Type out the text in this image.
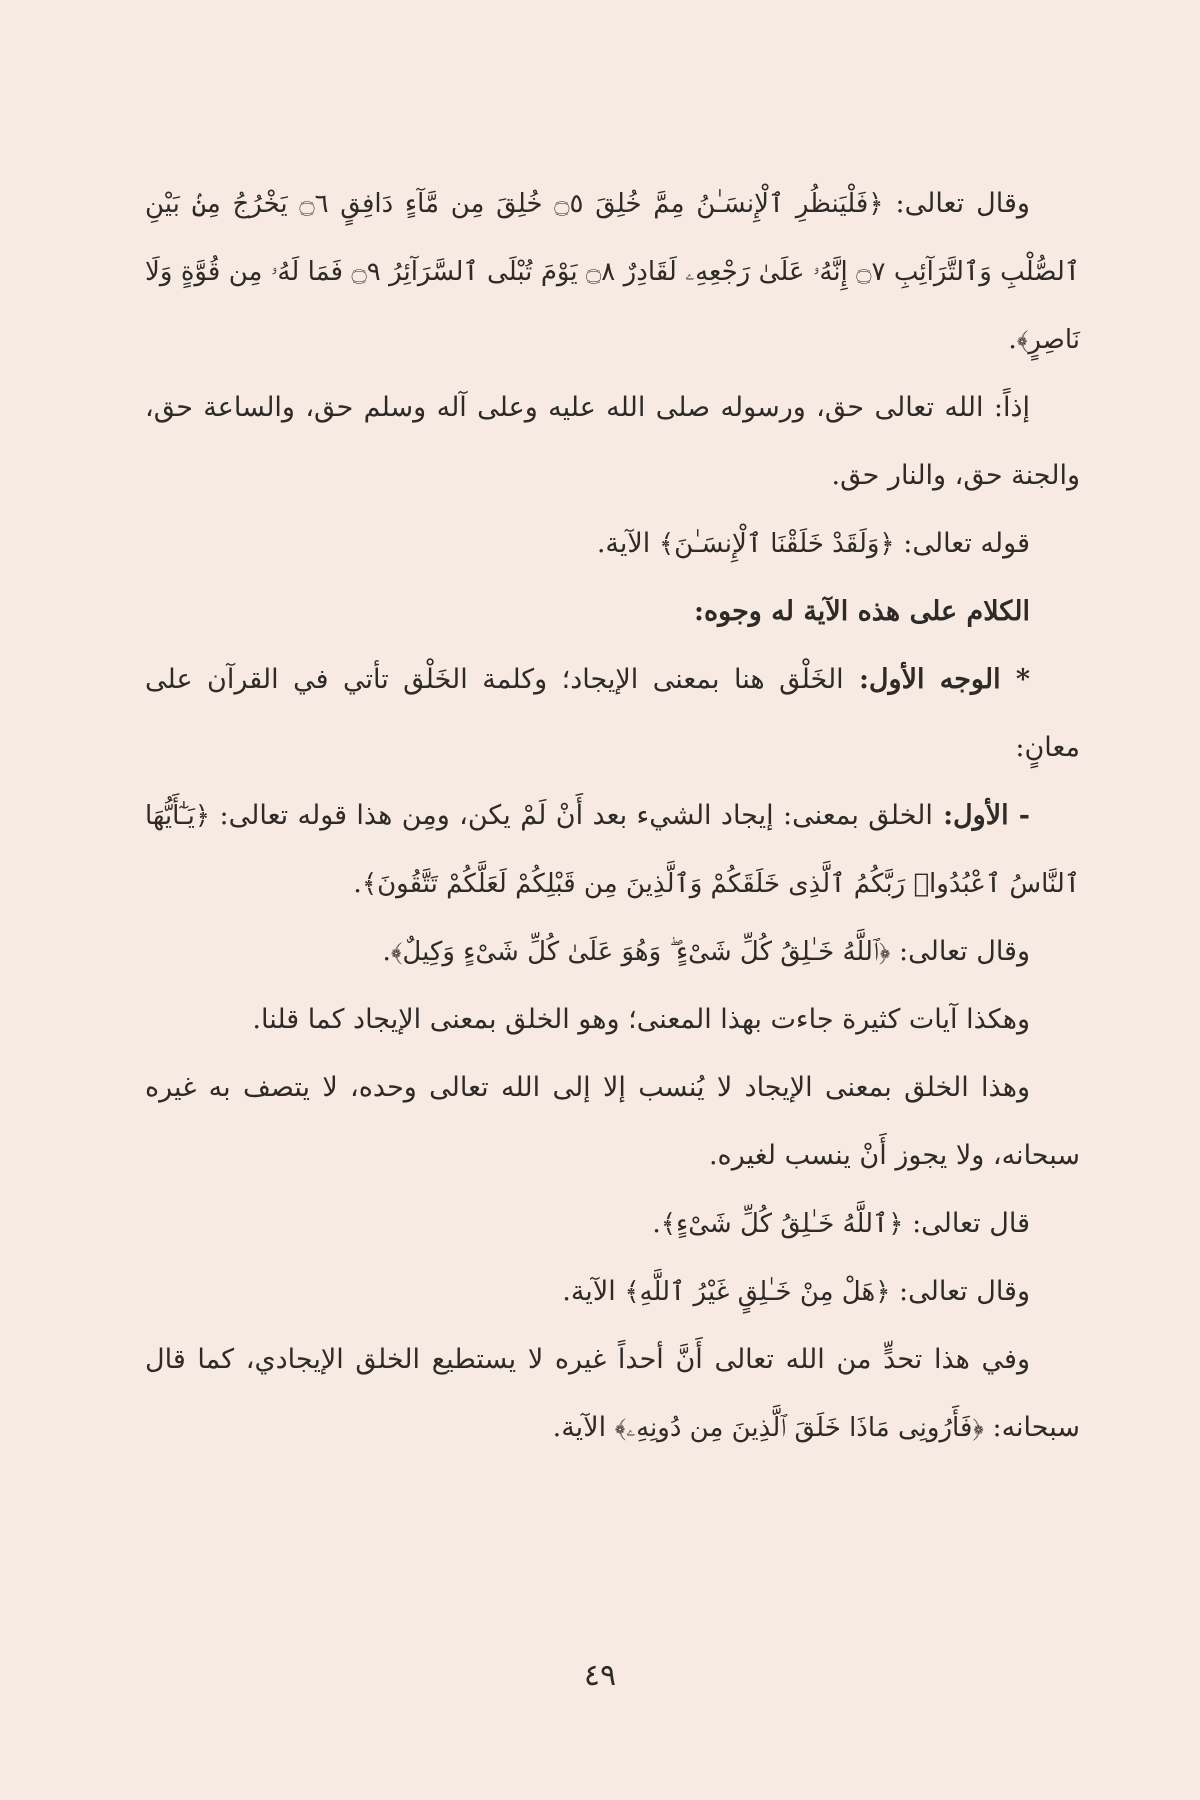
وقال تعالى: ﴿فَلْيَنظُرِ ٱلْإِنسَـٰنُ مِمَّ خُلِقَ ۝٥ خُلِقَ مِن مَّآءٍ دَافِقٍ ۝٦ يَخْرُجُ مِنۢ بَيْنِ ٱلصُّلْبِ وَٱلتَّرَآئِبِ ۝٧ إِنَّهُۥ عَلَىٰ رَجْعِهِۦ لَقَادِرٌ ۝٨ يَوْمَ تُبْلَى ٱلسَّرَآئِرُ ۝٩ فَمَا لَهُۥ مِن قُوَّةٍ وَلَا نَاصِرٍ﴾.

إذاً: الله تعالى حق، ورسوله صلى الله عليه وعلى آله وسلم حق، والساعة حق، والجنة حق، والنار حق.

قوله تعالى: ﴿وَلَقَدْ خَلَقْنَا ٱلْإِنسَـٰنَ﴾ الآية.

الكلام على هذه الآية له وجوه:

* الوجه الأول: الخَلْق هنا بمعنى الإيجاد؛ وكلمة الخَلْق تأتي في القرآن على معانٍ:

- الأول: الخلق بمعنى: إيجاد الشيء بعد أَنْ لَمْ يكن، ومِن هذا قوله تعالى: ﴿يَـٰٓأَيُّهَا ٱلنَّاسُ ٱعْبُدُوا۟ رَبَّكُمُ ٱلَّذِى خَلَقَكُمْ وَٱلَّذِينَ مِن قَبْلِكُمْ لَعَلَّكُمْ تَتَّقُونَ﴾.

وقال تعالى: ﴿ٱللَّهُ خَـٰلِقُ كُلِّ شَىْءٍ ۖ وَهُوَ عَلَىٰ كُلِّ شَىْءٍ وَكِيلٌ﴾.

وهكذا آيات كثيرة جاءت بهذا المعنى؛ وهو الخلق بمعنى الإيجاد كما قلنا.

وهذا الخلق بمعنى الإيجاد لا يُنسب إلا إلى الله تعالى وحده، لا يتصف به غيره سبحانه، ولا يجوز أَنْ ينسب لغيره.

قال تعالى: ﴿ٱللَّهُ خَـٰلِقُ كُلِّ شَىْءٍ﴾.

وقال تعالى: ﴿هَلْ مِنْ خَـٰلِقٍ غَيْرُ ٱللَّهِ﴾ الآية.

وفي هذا تحدٍّ من الله تعالى أَنَّ أحداً غيره لا يستطيع الخلق الإيجادي، كما قال سبحانه: ﴿فَأَرُونِى مَاذَا خَلَقَ ٱلَّذِينَ مِن دُونِهِۦ﴾ الآية.

٤٩
